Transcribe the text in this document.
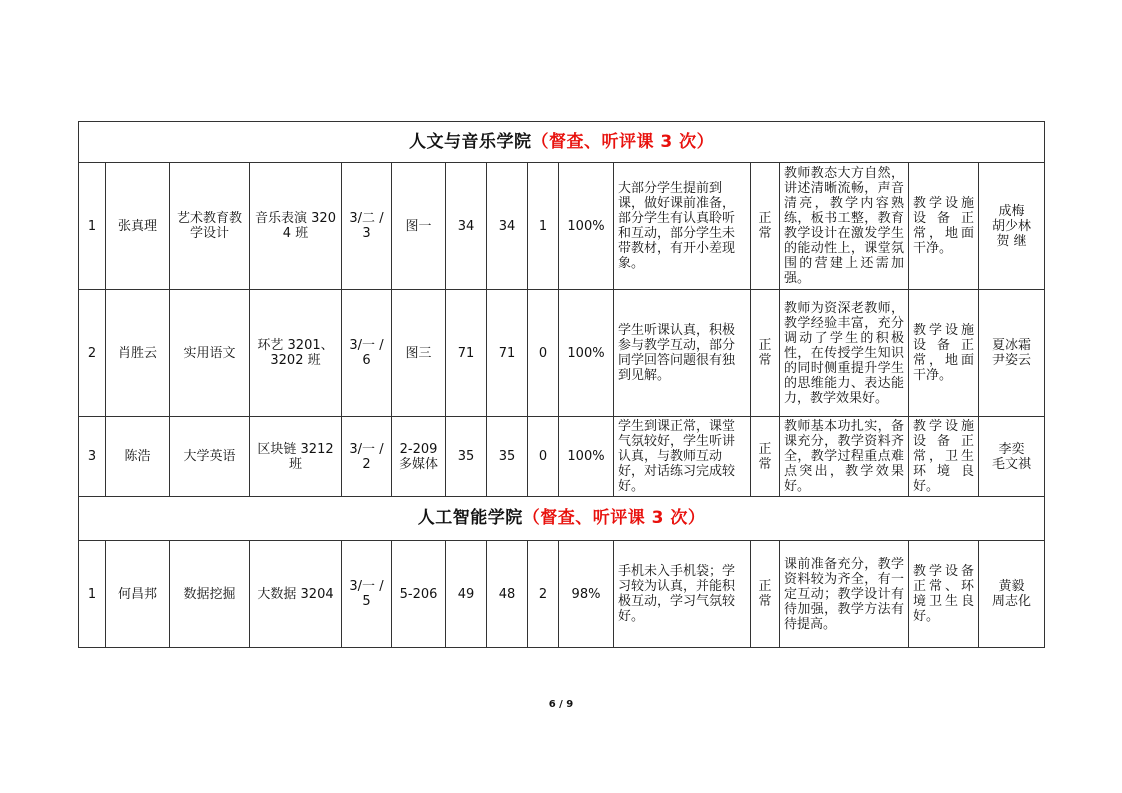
人文与音乐学院（督查、听评课 3 次）														
1	张真理	艺术教育教学设计	音乐表演 3204 班	3/二 /3	图一	34	34	1	100%	大部分学生提前到课，做好课前准备，部分学生有认真聆听和互动，部分学生未带教材，有开小差现象。	正常	教师教态大方自然，讲述清晰流畅，声音清亮，教学内容熟练，板书工整，教育教学设计在激发学生的能动性上，课堂氛围的营建上还需加强。	教学设施设备正常，地面干净。	成梅
胡少林
贺 继

2	肖胜云	实用语文	环艺 3201、3202 班	3/一 /6	图三	71	71	0	100%	学生听课认真，积极参与教学互动，部分同学回答问题很有独到见解。	正常	教师为资深老教师，教学经验丰富，充分调动了学生的积极性，在传授学生知识的同时侧重提升学生的思维能力、表达能力，教学效果好。	教学设施设备正常，地面干净。	夏冰霜
尹姿云

3	陈浩	大学英语	区块链 3212 班	3/一 /2	2-209 多媒体	35	35	0	100%	学生到课正常，课堂气氛较好，学生听讲认真，与教师互动好，对话练习完成较好。	正常	教师基本功扎实，备课充分，教学资料齐全，教学过程重点难点突出，教学效果好。	教学设施设备正常，卫生环境良好。	李奕
毛文祺

人工智能学院（督查、听评课 3 次）														
1	何昌邦	数据挖掘	大数据 3204	3/一 /5	5-206	49	48	2	98%	手机未入手机袋；学习较为认真，并能积极互动，学习气氛较好。	正常	课前准备充分，教学资料较为齐全，有一定互动；教学设计有待加强，教学方法有待提高。	教学设备正常、环境卫生良好。	黄毅
周志化
6 / 9
